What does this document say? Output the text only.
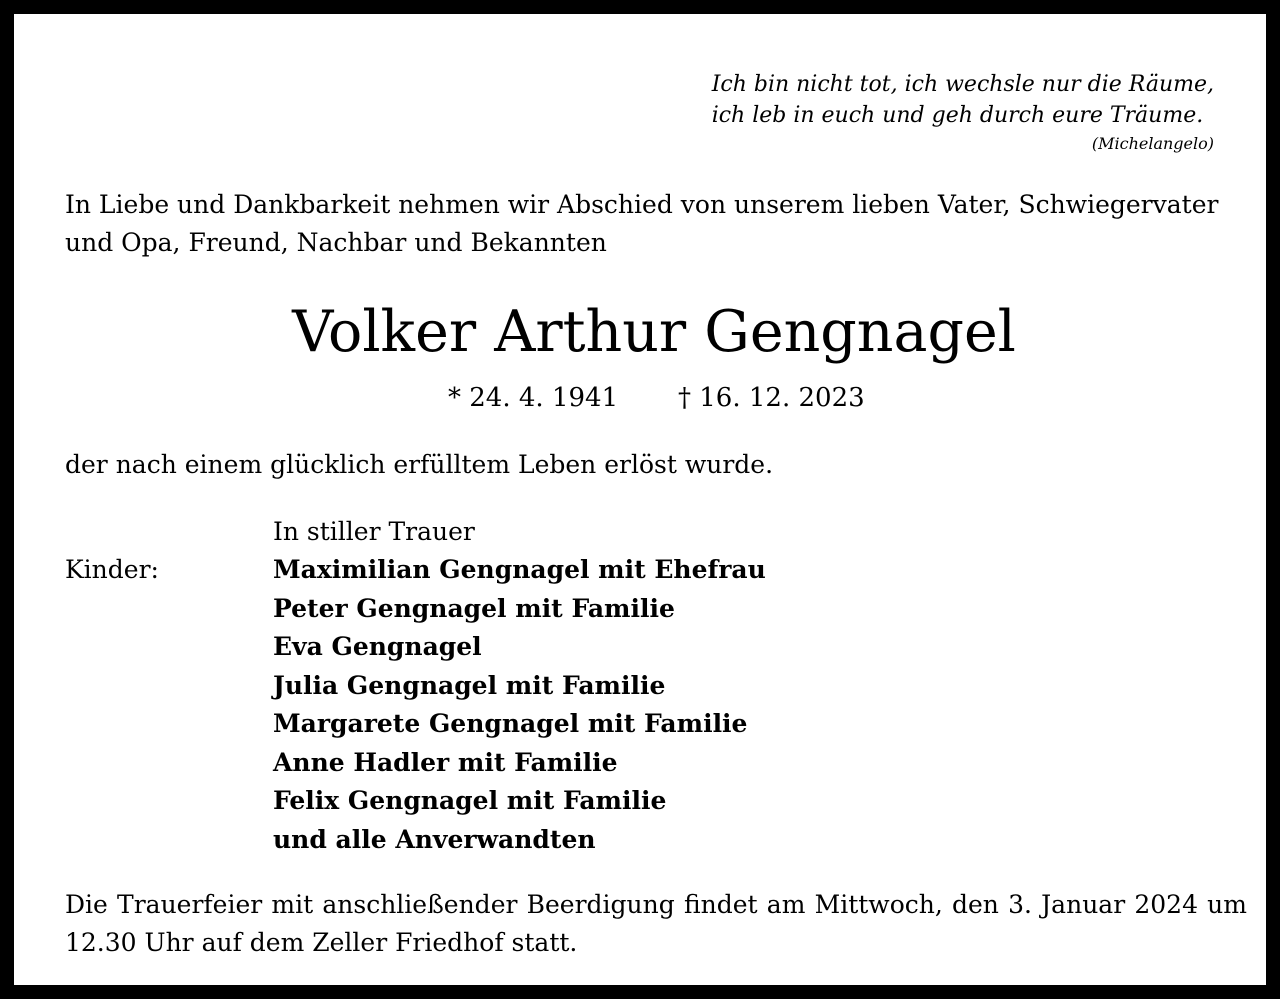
Ich bin nicht tot, ich wechsle nur die Räume,
ich leb in euch und geh durch eure Träume.
(Michelangelo)
In Liebe und Dankbarkeit nehmen wir Abschied von unserem lieben Vater, Schwiegervater und Opa, Freund, Nachbar und Bekannten
Volker Arthur Gengnagel
* 24. 4. 1941 † 16. 12. 2023
der nach einem glücklich erfülltem Leben erlöst wurde.
In stiller Trauer
Kinder:	Maximilian Gengnagel mit Ehefrau
Peter Gengnagel mit Familie
Eva Gengnagel
Julia Gengnagel mit Familie
Margarete Gengnagel mit Familie
Anne Hadler mit Familie
Felix Gengnagel mit Familie
und alle Anverwandten
Die Trauerfeier mit anschließender Beerdigung findet am Mittwoch, den 3. Januar 2024 um 12.30 Uhr auf dem Zeller Friedhof statt.
